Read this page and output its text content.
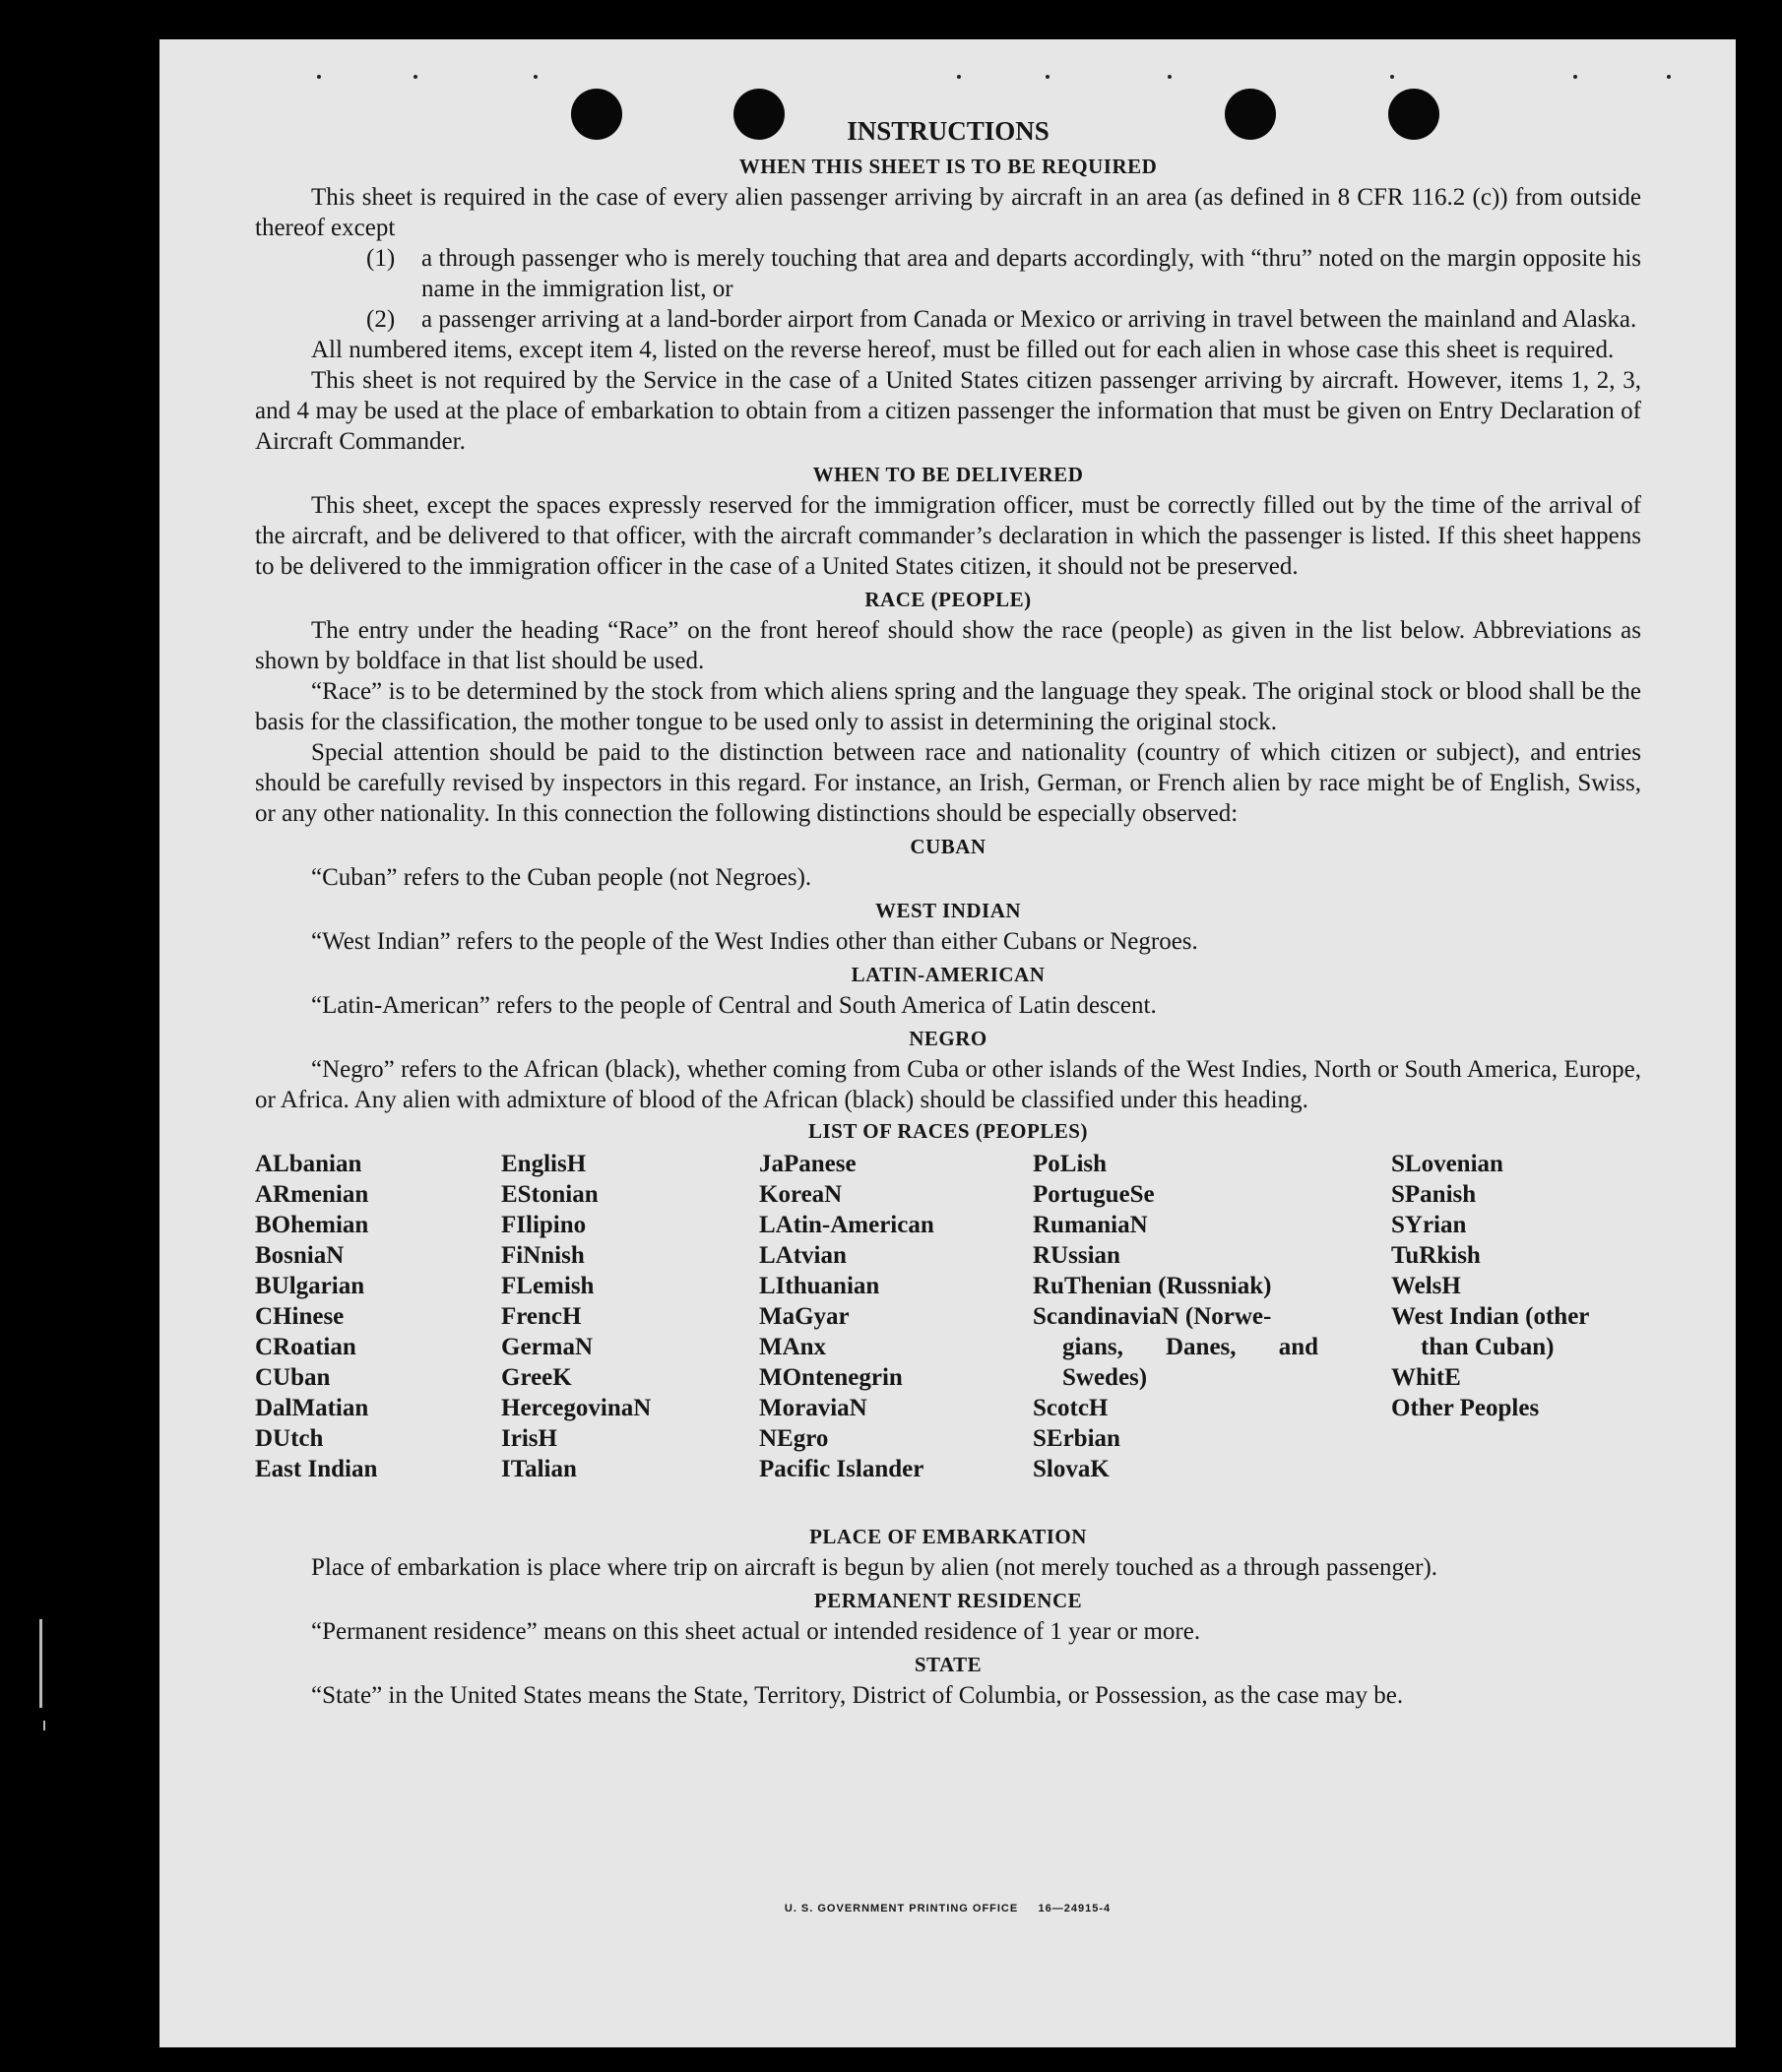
INSTRUCTIONS
WHEN THIS SHEET IS TO BE REQUIRED

This sheet is required in the case of every alien passenger arriving by aircraft in an area (as defined in 8 CFR 116.2 (c)) from outside thereof except

(1) a through passenger who is merely touching that area and departs accordingly, with “thru” noted on the margin opposite his name in the immigration list, or
(2) a passenger arriving at a land-border airport from Canada or Mexico or arriving in travel between the mainland and Alaska.

All numbered items, except item 4, listed on the reverse hereof, must be filled out for each alien in whose case this sheet is required.

This sheet is not required by the Service in the case of a United States citizen passenger arriving by aircraft. However, items 1, 2, 3, and 4 may be used at the place of embarkation to obtain from a citizen passenger the information that must be given on Entry Declaration of Aircraft Commander.

WHEN TO BE DELIVERED

This sheet, except the spaces expressly reserved for the immigration officer, must be correctly filled out by the time of the arrival of the aircraft, and be delivered to that officer, with the aircraft commander’s declaration in which the passenger is listed. If this sheet happens to be delivered to the immigration officer in the case of a United States citizen, it should not be preserved.

RACE (PEOPLE)

The entry under the heading “Race” on the front hereof should show the race (people) as given in the list below. Abbreviations as shown by boldface in that list should be used.

“Race” is to be determined by the stock from which aliens spring and the language they speak. The original stock or blood shall be the basis for the classification, the mother tongue to be used only to assist in determining the original stock.

Special attention should be paid to the distinction between race and nationality (country of which citizen or subject), and entries should be carefully revised by inspectors in this regard. For instance, an Irish, German, or French alien by race might be of English, Swiss, or any other nationality. In this connection the following distinctions should be especially observed:

CUBAN

“Cuban” refers to the Cuban people (not Negroes).

WEST INDIAN

“West Indian” refers to the people of the West Indies other than either Cubans or Negroes.

LATIN-AMERICAN

“Latin-American” refers to the people of Central and South America of Latin descent.

NEGRO

“Negro” refers to the African (black), whether coming from Cuba or other islands of the West Indies, North or South America, Europe, or Africa. Any alien with admixture of blood of the African (black) should be classified under this heading.

LIST OF RACES (PEOPLES)
ALbanian
ARmenian
BOhemian
BosniaN
BUlgarian
CHinese
CRoatian
CUban
DalMatian
DUtch
East Indian
EnglisH
EStonian
FIlipino
FiNnish
FLemish
FrencH
GermaN
GreeK
HercegovinaN
IrisH
ITalian
JaPanese
KoreaN
LAtin-American
LAtvian
LIthuanian
MaGyar
MAnx
MOntenegrin
MoraviaN
NEgro
Pacific Islander
PoLish
PortugueSe
RumaniaN
RUssian
RuThenian (Russniak)
ScandinaviaN (Norwe-
gians, Danes, and
Swedes)
ScotcH
SErbian
SlovaK
SLovenian
SPanish
SYrian
TuRkish
WelsH
West Indian (other
than Cuban)
WhitE
Other Peoples
PLACE OF EMBARKATION

Place of embarkation is place where trip on aircraft is begun by alien (not merely touched as a through passenger).

PERMANENT RESIDENCE

“Permanent residence” means on this sheet actual or intended residence of 1 year or more.

STATE

“State” in the United States means the State, Territory, District of Columbia, or Possession, as the case may be.

U. S. GOVERNMENT PRINTING OFFICE     16—24915-4
